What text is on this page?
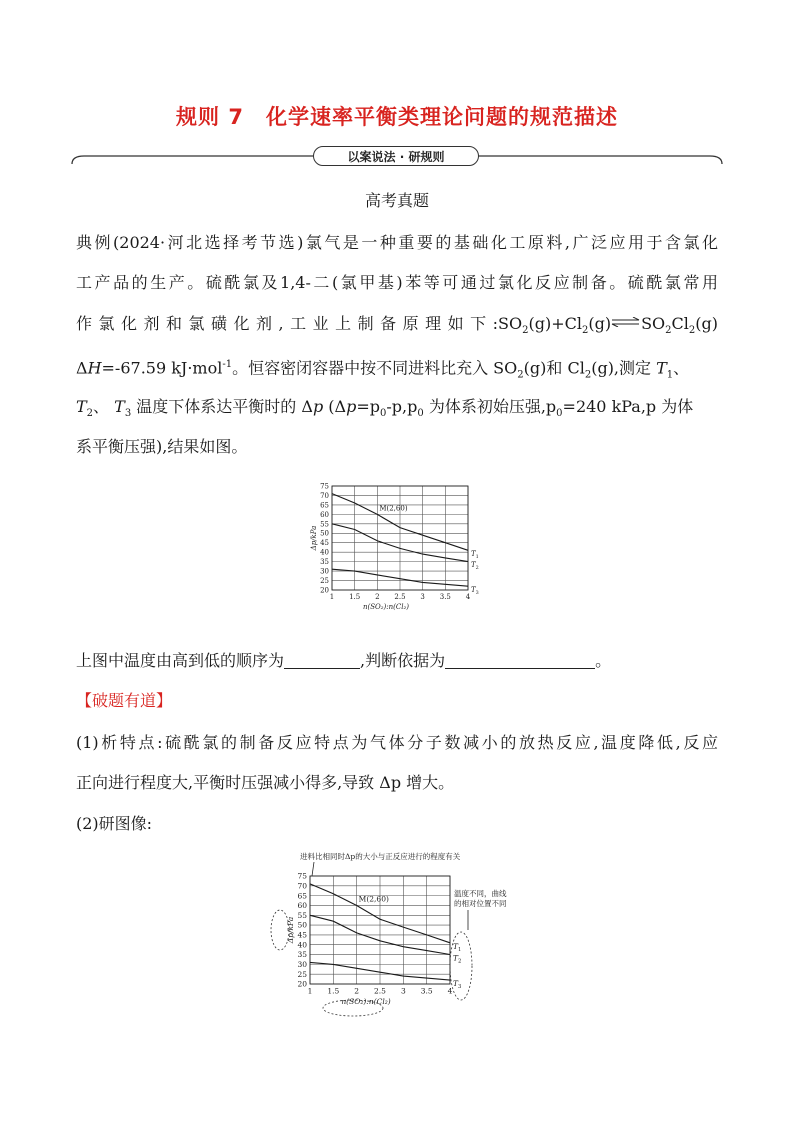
规则 7 化学速率平衡类理论问题的规范描述
以案说法 · 研规则
高考真题
典例(2024·河北选择考节选)氯气是一种重要的基础化工原料,广泛应用于含氯化
工产品的生产。硫酰氯及1,4-二(氯甲基)苯等可通过氯化反应制备。硫酰氯常用
作氯化剂和氯磺化剂,工业上制备原理如下$:SO_2(g)+Cl_2(g)\rightleftharpoons SO_2Cl_2(g)$
ΔH=-67.59 kJ·mol$^{-1}$。恒容密闭容器中按不同进料比充入 $SO_2(g)$和 $Cl_2(g)$,测定 $T_1$、
$T_2$、 $T_3$ 温度下体系达平衡时的 Δp ($\Delta p=p_0-p,p_0$ 为体系初始压强$,p_0=240$ kPa,p 为体
系平衡压强),结果如图。
20
25
30
35
40
45
50
55
60
65
70
75
1 1.5 2 2.5 3 3.5 4
n(SO₂):n(Cl₂)
Δp/kPa
$T_1$
$T_2$
$T_3$
M(2,60)
上图中温度由高到低的顺序为	,判断依据为	。
【破题有道】
(1)析特点:硫酰氯的制备反应特点为气体分子数减小的放热反应,温度降低,反应
正向进行程度大,平衡时压强减小得多,导致 Δp 增大。
(2)研图像:
进料比相同时Δp的大小与正反应进行的程度有关
温度不同，曲线
的相对位置不同
20
25
30
35
40
45
50
55
60
65
70
75
1 1.5 2 2.5 3 3.5 4
n(SO₂):n(Cl₂)
Δp/kPa
$T_1$
$T_2$
$T_3$
M(2,60)
